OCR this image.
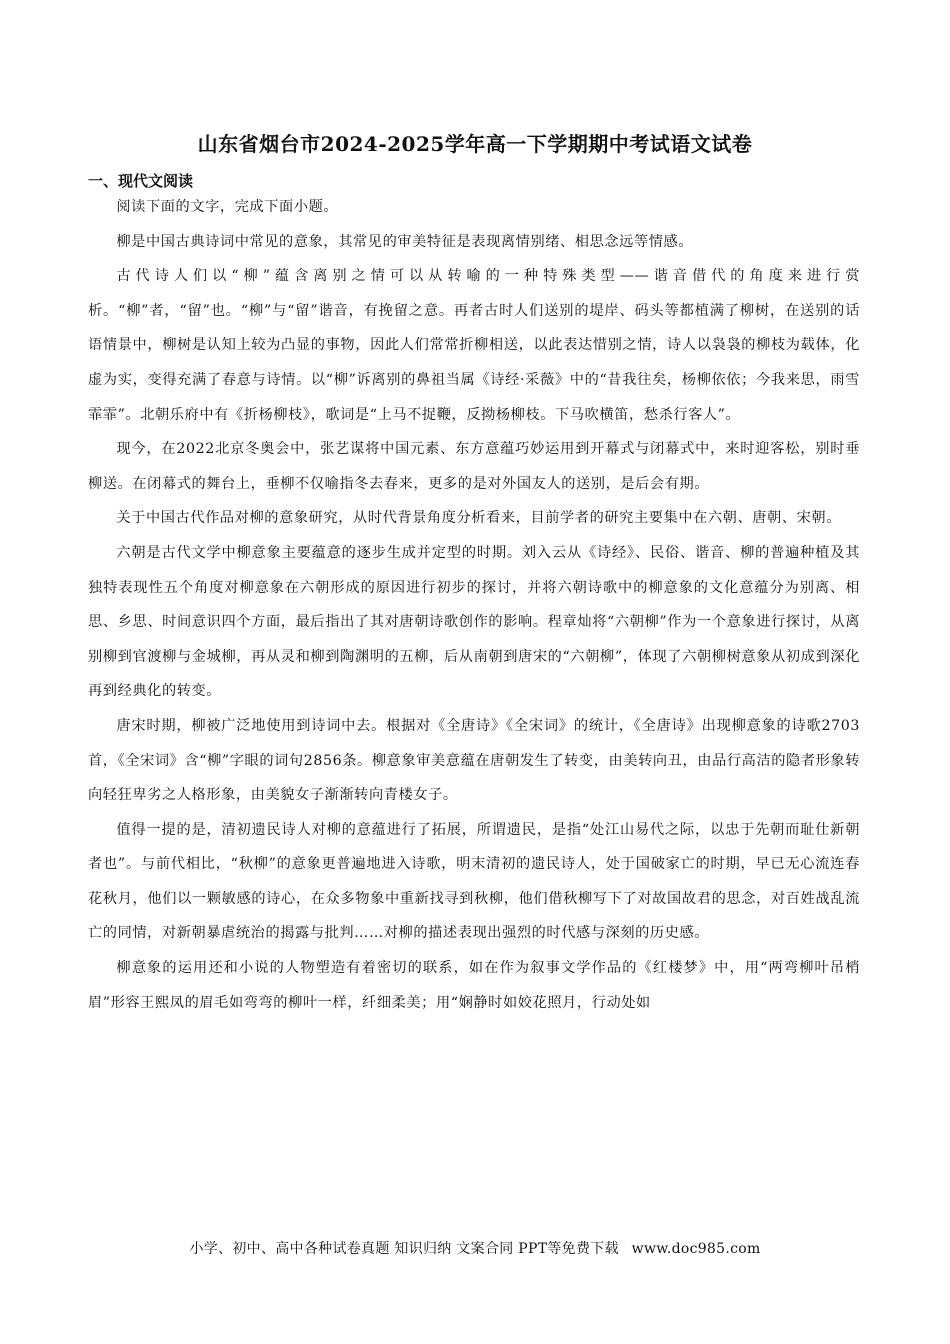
山东省烟台市2024-2025学年高一下学期期中考试语文试卷
一、现代文阅读

阅读下面的文字，完成下面小题。

柳是中国古典诗词中常见的意象，其常见的审美特征是表现离情别绪、相思念远等情感。

古代诗人们以“柳”蕴含离别之情可以从转喻的一种特殊类型——谐音借代的角度来进行赏析。“柳”者，“留”也。“柳”与“留”谐音，有挽留之意。再者古时人们送别的堤岸、码头等都植满了柳树，在送别的话语情景中，柳树是认知上较为凸显的事物，因此人们常常折柳相送，以此表达惜别之情，诗人以袅袅的柳枝为载体，化虚为实，变得充满了春意与诗情。以“柳”诉离别的鼻祖当属《诗经·采薇》中的“昔我往矣，杨柳依依；今我来思，雨雪霏霏”。北朝乐府中有《折杨柳枝》，歌词是“上马不捉鞭，反拗杨柳枝。下马吹横笛，愁杀行客人”。

现今，在2022北京冬奥会中，张艺谋将中国元素、东方意蕴巧妙运用到开幕式与闭幕式中，来时迎客松，别时垂柳送。在闭幕式的舞台上，垂柳不仅喻指冬去春来，更多的是对外国友人的送别，是后会有期。

关于中国古代作品对柳的意象研究，从时代背景角度分析看来，目前学者的研究主要集中在六朝、唐朝、宋朝。

六朝是古代文学中柳意象主要蕴意的逐步生成并定型的时期。刘入云从《诗经》、民俗、谐音、柳的普遍种植及其独特表现性五个角度对柳意象在六朝形成的原因进行初步的探讨，并将六朝诗歌中的柳意象的文化意蕴分为别离、相思、乡思、时间意识四个方面，最后指出了其对唐朝诗歌创作的影响。程章灿将“六朝柳”作为一个意象进行探讨，从离别柳到官渡柳与金城柳，再从灵和柳到陶渊明的五柳，后从南朝到唐宋的“六朝柳”，体现了六朝柳树意象从初成到深化再到经典化的转变。

唐宋时期，柳被广泛地使用到诗词中去。根据对《全唐诗》《全宋词》的统计，《全唐诗》出现柳意象的诗歌2703首，《全宋词》含“柳”字眼的词句2856条。柳意象审美意蕴在唐朝发生了转变，由美转向丑，由品行高洁的隐者形象转向轻狂卑劣之人格形象，由美貌女子渐渐转向青楼女子。

值得一提的是，清初遗民诗人对柳的意蕴进行了拓展，所谓遗民，是指“处江山易代之际，以忠于先朝而耻仕新朝者也”。与前代相比，“秋柳”的意象更普遍地进入诗歌，明末清初的遗民诗人，处于国破家亡的时期，早已无心流连春花秋月，他们以一颗敏感的诗心，在众多物象中重新找寻到秋柳，他们借秋柳写下了对故国故君的思念，对百姓战乱流亡的同情，对新朝暴虐统治的揭露与批判……对柳的描述表现出强烈的时代感与深刻的历史感。

柳意象的运用还和小说的人物塑造有着密切的联系，如在作为叙事文学作品的《红楼梦》中，用“两弯柳叶吊梢眉”形容王熙凤的眉毛如弯弯的柳叶一样，纤细柔美；用“娴静时如姣花照月，行动处如

小学、初中、高中各种试卷真题 知识归纳 文案合同 PPT等免费下载 www.doc985.com
